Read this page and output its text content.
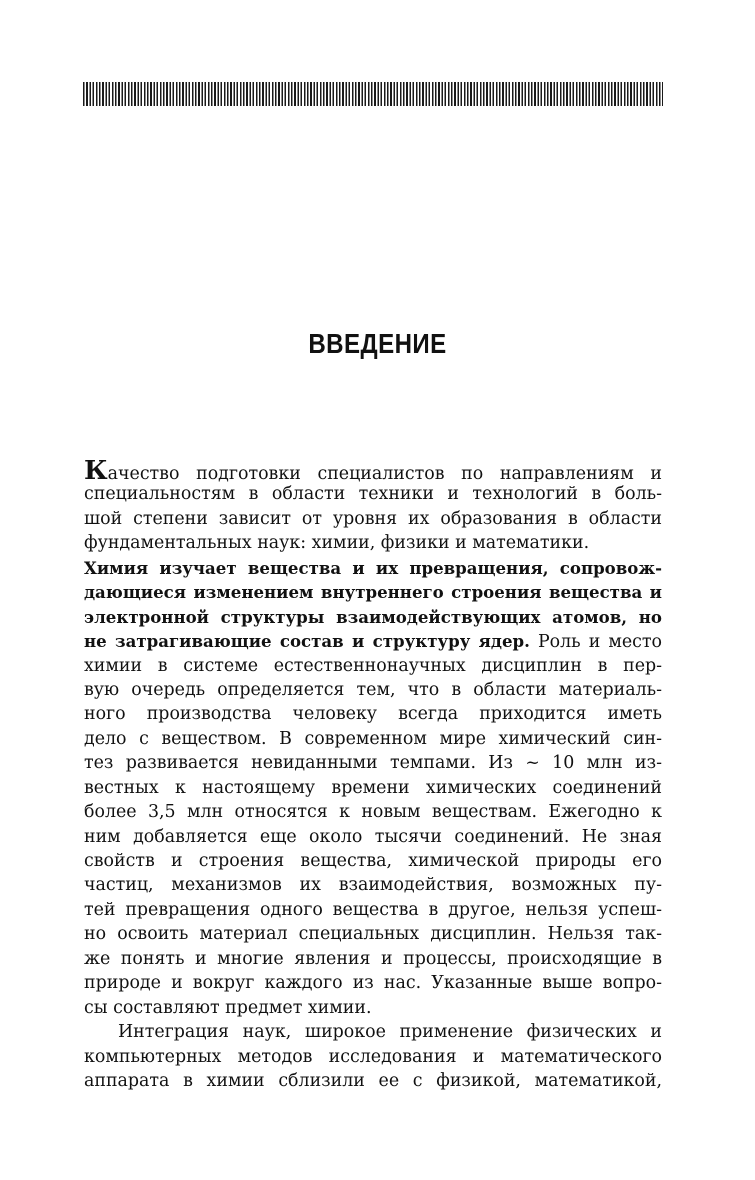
ВВЕДЕНИЕ
Качество подготовки специалистов по направлениям и
специальностям в области техники и технологий в боль-
шой степени зависит от уровня их образования в области
фундаментальных наук: химии, физики и математики.
Химия изучает вещества и их превращения, сопровож-
дающиеся изменением внутреннего строения вещества и
электронной структуры взаимодействующих атомов, но
не затрагивающие состав и структуру ядер. Роль и место
химии в системе естественнонаучных дисциплин в пер-
вую очередь определяется тем, что в области материаль-
ного производства человеку всегда приходится иметь
дело с веществом. В современном мире химический син-
тез развивается невиданными темпами. Из ~ 10 млн из-
вестных к настоящему времени химических соединений
более 3,5 млн относятся к новым веществам. Ежегодно к
ним добавляется еще около тысячи соединений. Не зная
свойств и строения вещества, химической природы его
частиц, механизмов их взаимодействия, возможных пу-
тей превращения одного вещества в другое, нельзя успеш-
но освоить материал специальных дисциплин. Нельзя так-
же понять и многие явления и процессы, происходящие в
природе и вокруг каждого из нас. Указанные выше вопро-
сы составляют предмет химии.
Интеграция наук, широкое применение физических и
компьютерных методов исследования и математического
аппарата в химии сблизили ее с физикой, математикой,
